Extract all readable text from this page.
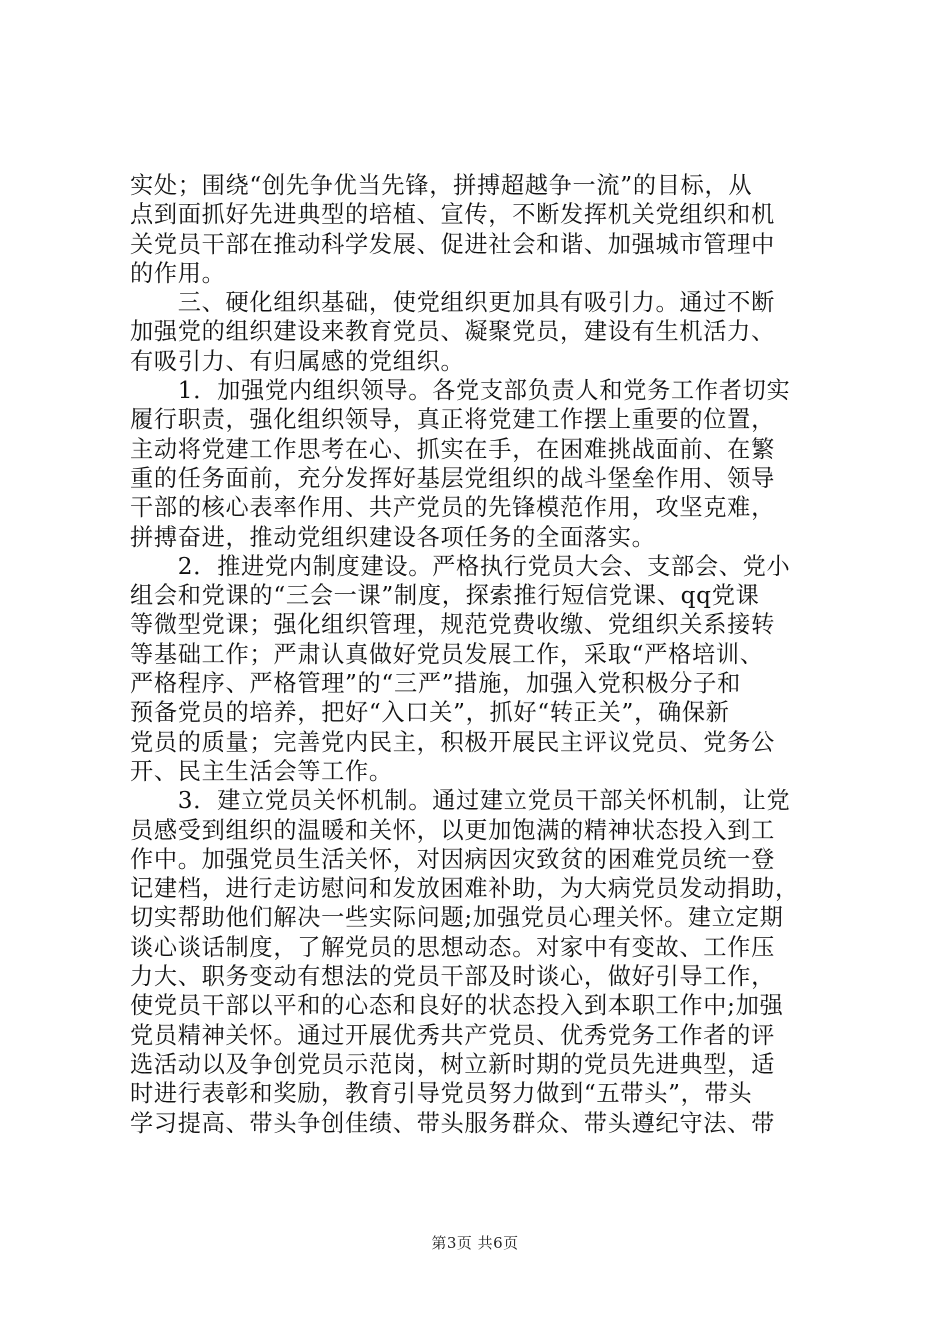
实处；围绕“创先争优当先锋，拼搏超越争一流”的目标，从
点到面抓好先进典型的培植、宣传，不断发挥机关党组织和机
关党员干部在推动科学发展、促进社会和谐、加强城市管理中
的作用。
　　三、硬化组织基础，使党组织更加具有吸引力。通过不断
加强党的组织建设来教育党员、凝聚党员，建设有生机活力、
有吸引力、有归属感的党组织。
　　1．加强党内组织领导。各党支部负责人和党务工作者切实
履行职责，强化组织领导，真正将党建工作摆上重要的位置，
主动将党建工作思考在心、抓实在手，在困难挑战面前、在繁
重的任务面前，充分发挥好基层党组织的战斗堡垒作用、领导
干部的核心表率作用、共产党员的先锋模范作用，攻坚克难，
拼搏奋进，推动党组织建设各项任务的全面落实。
　　2．推进党内制度建设。严格执行党员大会、支部会、党小
组会和党课的“三会一课”制度，探索推行短信党课、qq党课
等微型党课；强化组织管理，规范党费收缴、党组织关系接转
等基础工作；严肃认真做好党员发展工作，采取“严格培训、
严格程序、严格管理”的“三严”措施，加强入党积极分子和
预备党员的培养，把好“入口关”，抓好“转正关”，确保新
党员的质量；完善党内民主，积极开展民主评议党员、党务公
开、民主生活会等工作。
　　3．建立党员关怀机制。通过建立党员干部关怀机制，让党
员感受到组织的温暖和关怀，以更加饱满的精神状态投入到工
作中。加强党员生活关怀，对因病因灾致贫的困难党员统一登
记建档，进行走访慰问和发放困难补助，为大病党员发动捐助，
切实帮助他们解决一些实际问题;加强党员心理关怀。建立定期
谈心谈话制度，了解党员的思想动态。对家中有变故、工作压
力大、职务变动有想法的党员干部及时谈心，做好引导工作，
使党员干部以平和的心态和良好的状态投入到本职工作中;加强
党员精神关怀。通过开展优秀共产党员、优秀党务工作者的评
选活动以及争创党员示范岗，树立新时期的党员先进典型，适
时进行表彰和奖励，教育引导党员努力做到“五带头”，带头
学习提高、带头争创佳绩、带头服务群众、带头遵纪守法、带
第3页 共6页
